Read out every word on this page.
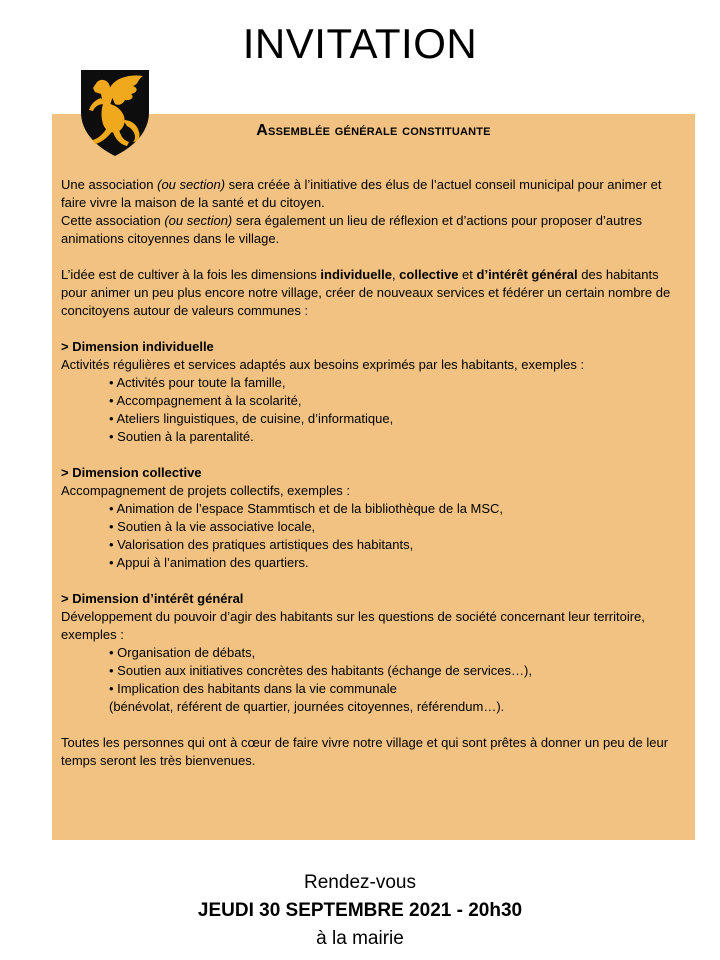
INVITATION
Assemblée générale constituante

Une association (ou section) sera créée à l’initiative des élus de l’actuel conseil municipal pour animer et faire vivre la maison de la santé et du citoyen.

Cette association (ou section) sera également un lieu de réflexion et d’actions pour proposer d’autres animations citoyennes dans le village.

L’idée est de cultiver à la fois les dimensions individuelle, collective et d’intérêt général des habitants pour animer un peu plus encore notre village, créer de nouveaux services et fédérer un certain nombre de concitoyens autour de valeurs communes :

> Dimension individuelle

Activités régulières et services adaptés aux besoins exprimés par les habitants, exemples :

• Activités pour toute la famille,

• Accompagnement à la scolarité,

• Ateliers linguistiques, de cuisine, d’informatique,

• Soutien à la parentalité.

> Dimension collective

Accompagnement de projets collectifs, exemples :

• Animation de l’espace Stammtisch et de la bibliothèque de la MSC,

• Soutien à la vie associative locale,

• Valorisation des pratiques artistiques des habitants,

• Appui à l’animation des quartiers.

> Dimension d’intérêt général

Développement du pouvoir d’agir des habitants sur les questions de société concernant leur territoire, exemples :

• Organisation de débats,

• Soutien aux initiatives concrètes des habitants (échange de services…),

• Implication des habitants dans la vie communale

(bénévolat, référent de quartier, journées citoyennes, référendum…).

Toutes les personnes qui ont à cœur de faire vivre notre village et qui sont prêtes à donner un peu de leur temps seront les très bienvenues.

Rendez-vous
JEUDI 30 SEPTEMBRE 2021 - 20h30
à la mairie
